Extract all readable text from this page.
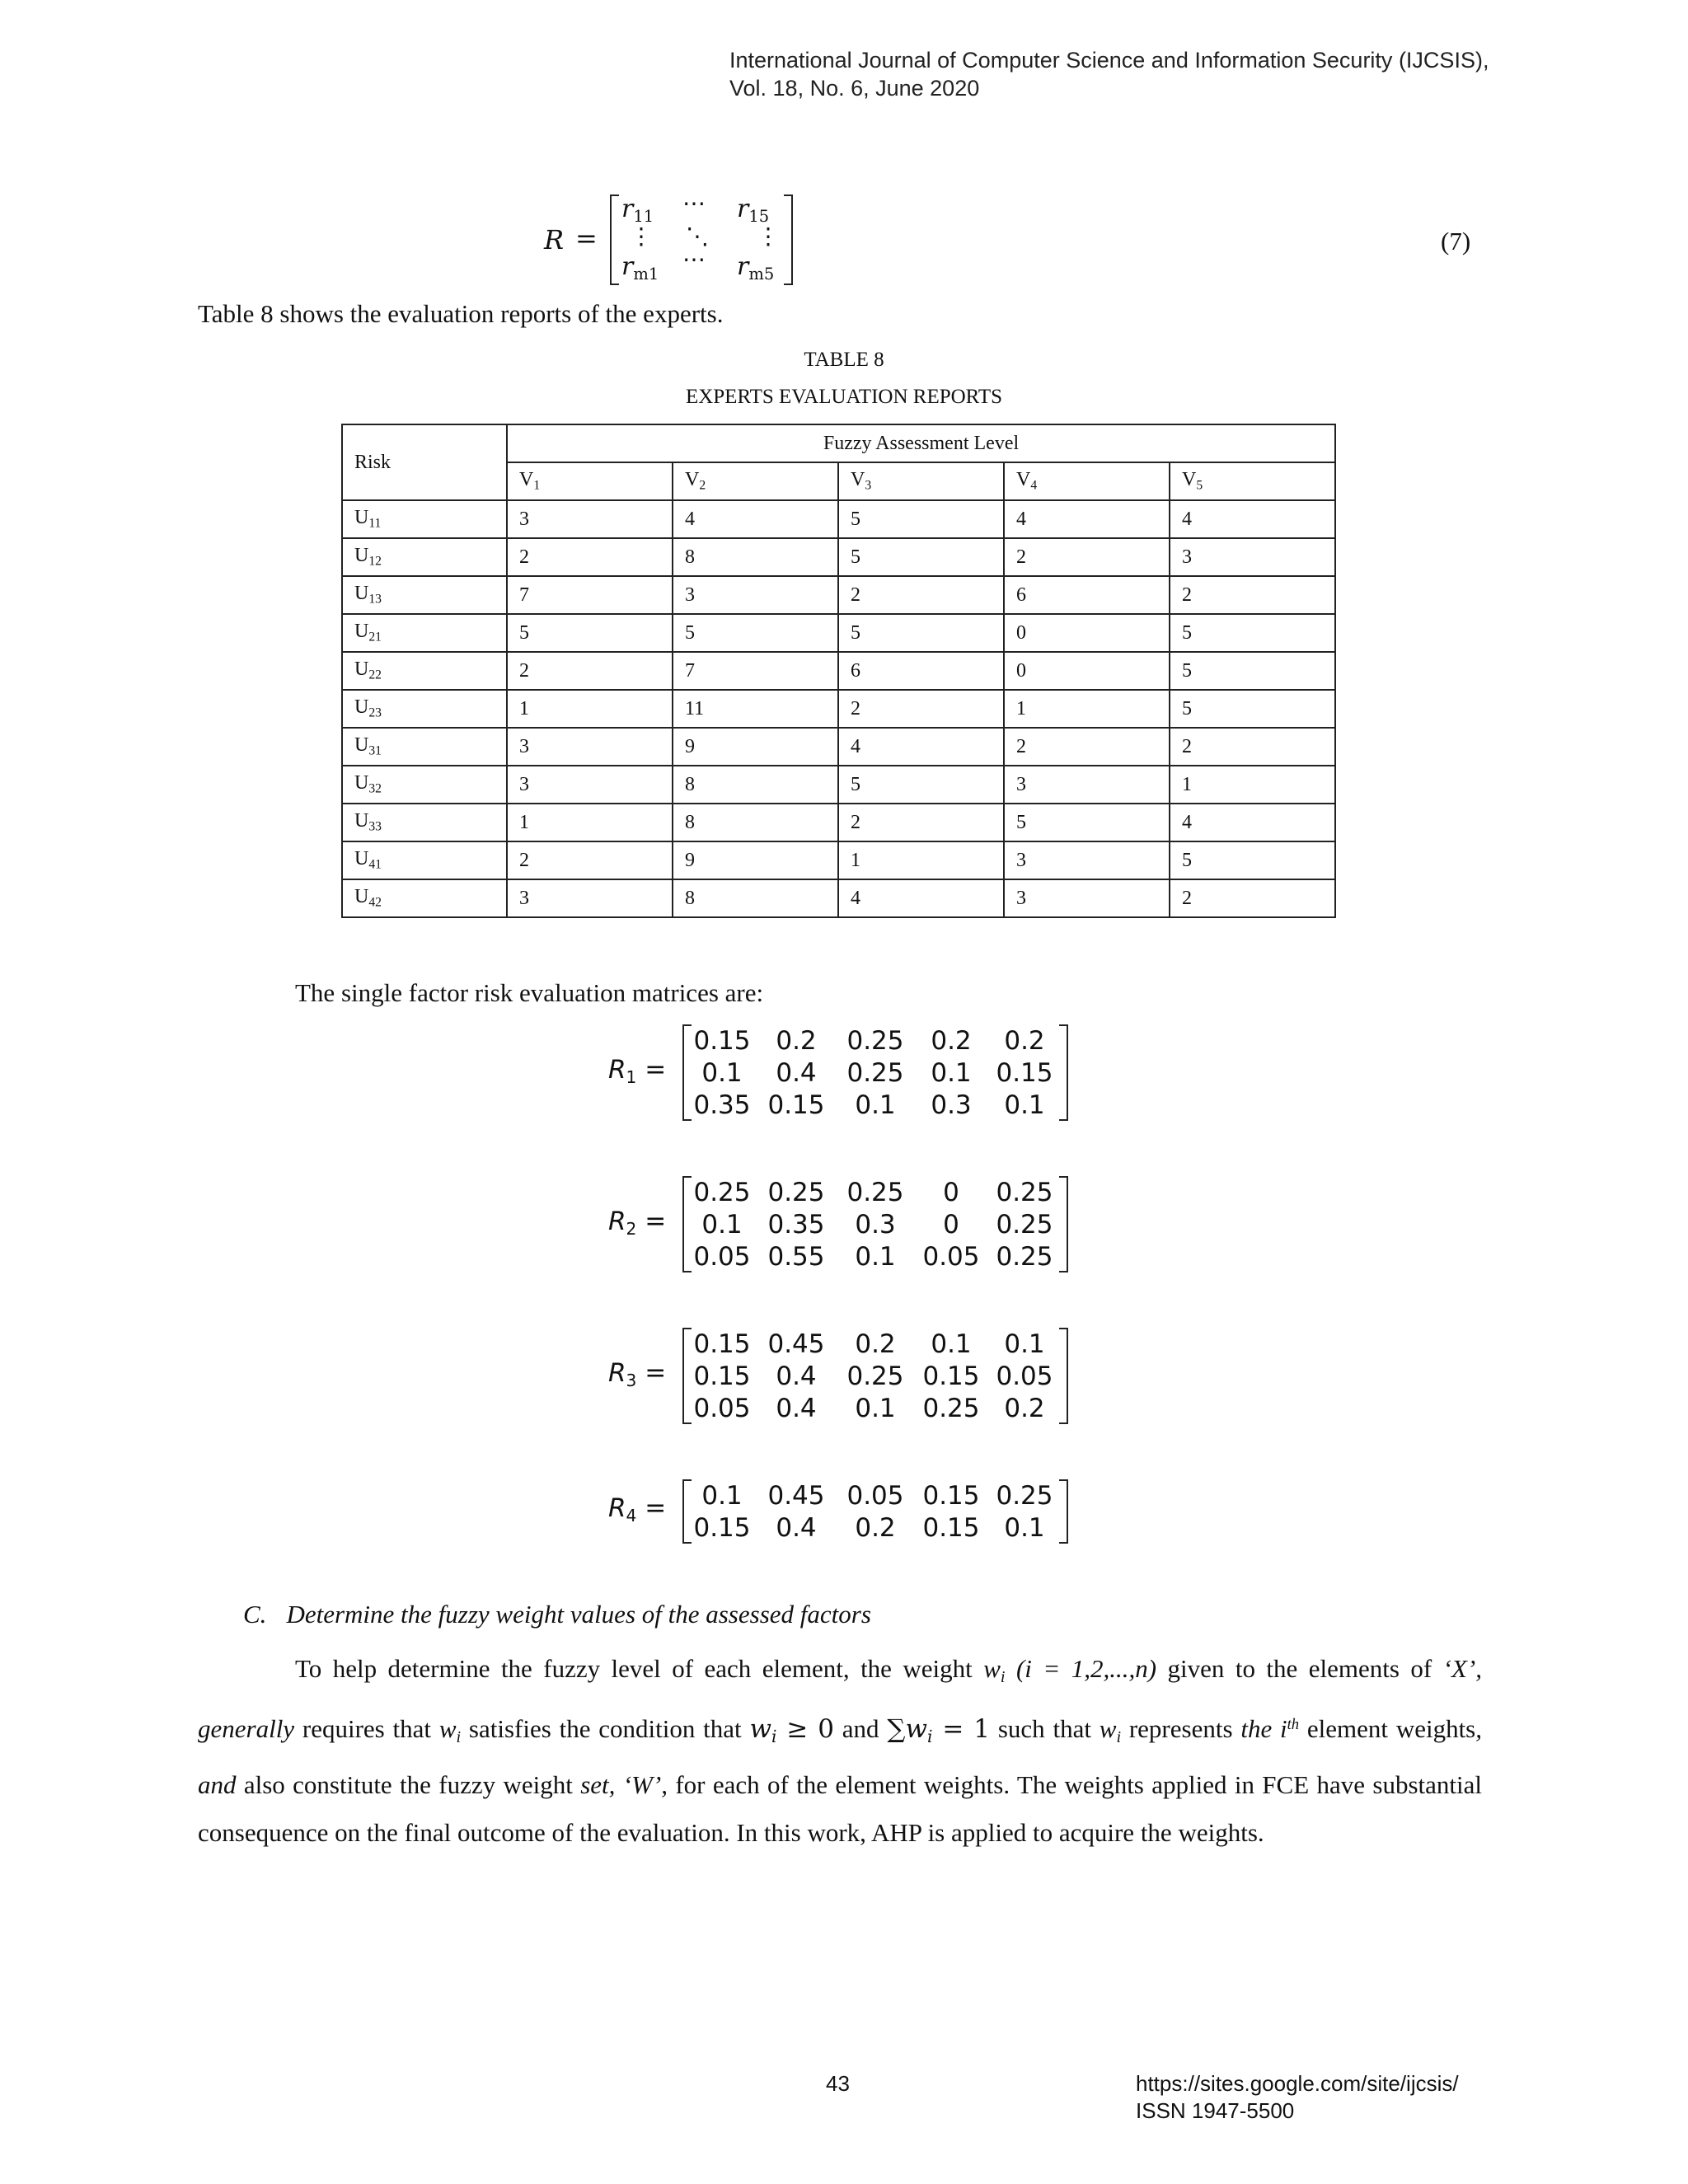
International Journal of Computer Science and Information Security (IJCSIS),
Vol. 18, No. 6, June 2020
R =
$r_{11}$ ⋯ $r_{15}$
⋮ ⋱ ⋮
$r_{m1}$
⋯ $r_{m5}$
(7)
Table 8 shows the evaluation reports of the experts.
TABLE 8
EXPERTS EVALUATION REPORTS
Risk	Fuzzy Assessment Level				
	$V_1$	$V_2$	$V_3$	$V_4$	$V_5$
$U_{11}$	3	4	5	4	4
$U_{12}$	2	8	5	2	3
$U_{13}$	7	3	2	6	2
$U_{21}$	5	5	5	0	5
$U_{22}$	2	7	6	0	5
$U_{23}$	1	11	2	1	5
$U_{31}$	3	9	4	2	2
$U_{32}$	3	8	5	3	1
$U_{33}$	1	8	2	5	4
$U_{41}$	2	9	1	3	5
$U_{42}$	3	8	4	3	2
The single factor risk evaluation matrices are:
$R_1$ =
0.15	0.2	0.25	0.2	0.2
0.1	0.4	0.25	0.1	0.15
0.35	0.15	0.1	0.3	0.1
$R_2$ =
0.25	0.25	0.25	0	0.25
0.1	0.35	0.3	0	0.25
0.05	0.55	0.1	0.05	0.25
$R_3$ =
0.15	0.45	0.2	0.1	0.1
0.15	0.4	0.25	0.15	0.05
0.05	0.4	0.1	0.25	0.2
$R_4 = 0.1$	0.45	0.05	0.15	0.25
0.15	0.4	0.2	0.15	0.1
C. Determine the fuzzy weight values of the assessed factors
To help determine the fuzzy level of each element, the weight $w_i$ (i = 1,2,...,n) given to the elements of ‘X’, generally requires that $w_i$ satisfies the condition that $w_i \ge 0$ and $\sum w_i = 1$ such that $w_i$ represents the $i^{th}$ element weights, and also constitute the fuzzy weight set, ‘W’, for each of the element weights. The weights applied in FCE have substantial consequence on the final outcome of the evaluation. In this work, AHP is applied to acquire the weights.
43	https://sites.google.com/site/ijcsis/
ISSN 1947-5500
